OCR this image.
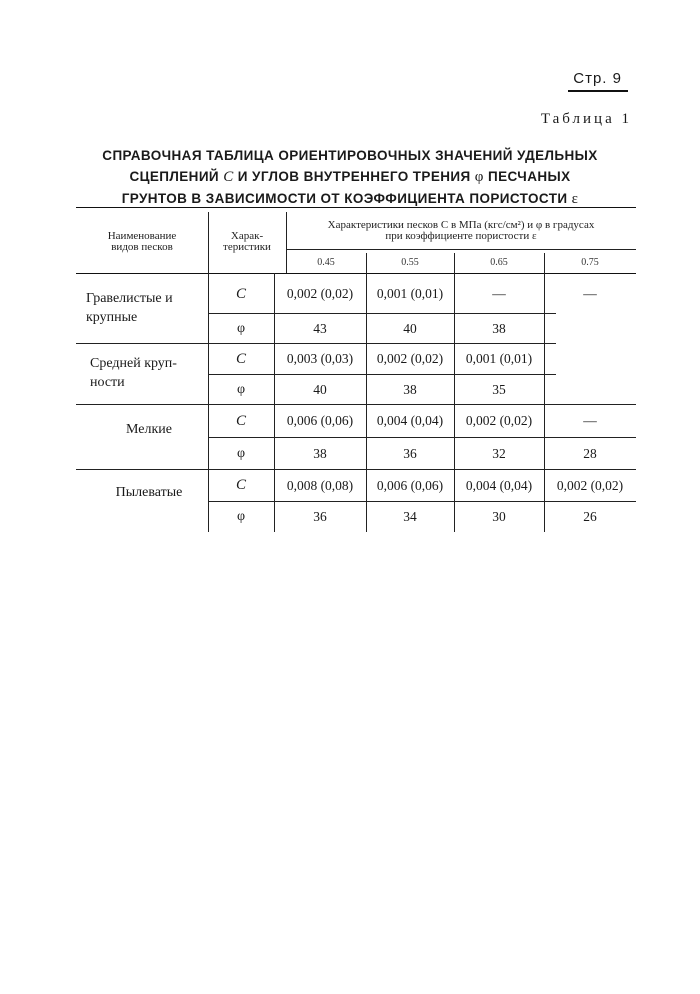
Стр. 9
Таблица 1
СПРАВОЧНАЯ ТАБЛИЦА ОРИЕНТИРОВОЧНЫХ ЗНАЧЕНИЙ УДЕЛЬНЫХ
СЦЕПЛЕНИЙ С И УГЛОВ ВНУТРЕННЕГО ТРЕНИЯ φ ПЕСЧАНЫХ
ГРУНТОВ В ЗАВИСИМОСТИ ОТ КОЭФФИЦИЕНТА ПОРИСТОСТИ ε
Наименование
видов песков
Харак-
теристики
Характеристики песков С в МПа (кгс/см²) и φ в градусах
при коэффициенте пористости ε
0.45	0.55	0.65	0.75
Гравелистые и
крупные
С	0,002 (0,02)	0,001 (0,01)	—	—
φ	43	40	38
Средней круп-
ности
С	0,003 (0,03)	0,002 (0,02)	0,001 (0,01)
φ	40	38	35
Мелкие
С	0,006 (0,06)	0,004 (0,04)	0,002 (0,02)	—
φ	38	36	32	28
Пылеватые	С	0,008 (0,08)	0,006 (0,06)	0,004 (0,04)	0,002 (0,02)
φ	36	34	30	26
